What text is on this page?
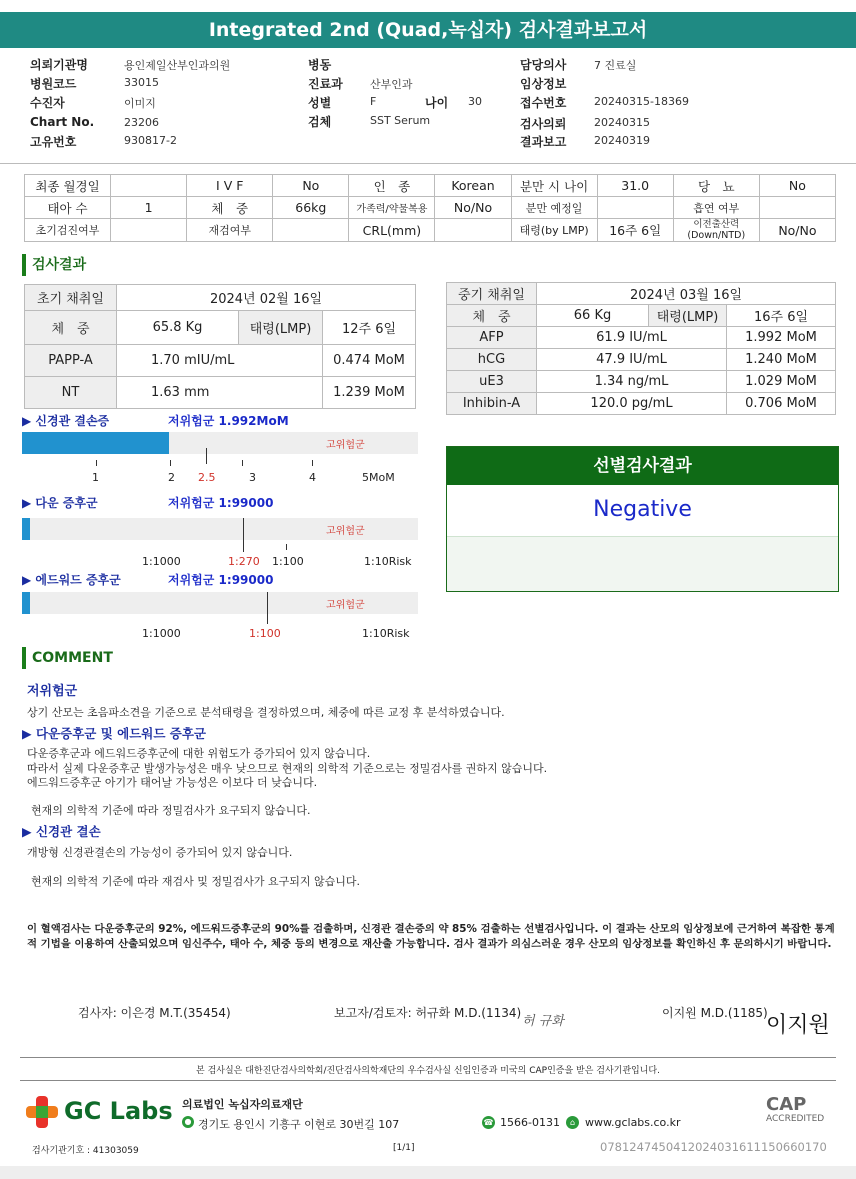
Integrated 2nd (Quad,녹십자) 검사결과보고서
의뢰기관명	용인제일산부인과의원
병원코드	33015
수진자	이미지
Chart No.	23206
고유번호	930817-2
병동
진료과 산부인과
성별	F	나이 30
검체	SST Serum
담당의사	7 진료실
임상정보
접수번호	20240315-18369
검사의뢰	20240315
결과보고	20240319
최종 월경일		I V F	No	인　종	Korean	분만 시 나이	31.0	당　뇨	No
태아 수	1	체　중	66kg	가족력/약물복용	No/No	분만 예정일		흡연 여부	
초기검진여부		재검여부		CRL(mm)		태령(by LMP)	16주 6일	이전출산력(Down/NTD)	No/No
검사결과
초기 채취일	2024년 02월 16일		
체　중	65.8 Kg	태령(LMP)	12주 6일
PAPP-A	1.70 mIU/mL		0.474 MoM
NT	1.63 mm		1.239 MoM
중기 채취일	2024년 03월 16일		
체　중	66 Kg	태령(LMP)	16주 6일
AFP	61.9 IU/mL		1.992 MoM
hCG	47.9 IU/mL		1.240 MoM
uE3	1.34 ng/mL		1.029 MoM
Inhibin-A	120.0 pg/mL		0.706 MoM
▶ 신경관 결손증	저위험군 1.992MoM
고위험군
1	2 2.5	3	4	5MoM
▶ 다운 증후군	저위험군 1:99000
고위험군
1:1000	1:270 1:100	1:10Risk
▶ 에드워드 증후군	저위험군 1:99000
고위험군
1:1000	1:100	1:10Risk
선별검사결과
Negative
COMMENT
저위험군
상기 산모는 초음파소견을 기준으로 분석태령을 결정하였으며, 체중에 따른 교정 후 분석하였습니다.
▶ 다운증후군 및 에드워드 증후군
다운증후군과 에드워드증후군에 대한 위험도가 증가되어 있지 않습니다.
따라서 실제 다운증후군 발생가능성은 매우 낮으므로 현재의 의학적 기준으로는 정밀검사를 권하지 않습니다.
에드워드증후군 아기가 태어날 가능성은 이보다 더 낮습니다.
현재의 의학적 기준에 따라 정밀검사가 요구되지 않습니다.
▶ 신경관 결손
개방형 신경관결손의 가능성이 증가되어 있지 않습니다.
현재의 의학적 기준에 따라 재검사 및 정밀검사가 요구되지 않습니다.
이 혈액검사는 다운증후군의 92%, 에드워드증후군의 90%를 검출하며, 신경관 결손증의 약 85% 검출하는 선별검사입니다. 이 결과는 산모의 임상정보에 근거하여 복잡한 통계
적 기법을 이용하여 산출되었으며 임신주수, 태아 수, 체중 등의 변경으로 재산출 가능합니다. 검사 결과가 의심스러운 경우 산모의 임상정보를 확인하신 후 문의하시기 바랍니다.
검사자: 이은경 M.T.(35454)	보고자/검토자: 허규화 M.D.(1134)
허 규화
이지원 M.D.(1185)
이지원
본 검사실은 대한진단검사의학회/진단검사의학재단의 우수검사실 신임인증과 미국의 CAP인증을 받은 검사기관입니다.
GC Labs 의료법인 녹십자의료재단
● 경기도 용인시 기흥구 이현로 30번길 107	☎ 1566-0131	⌂ www.gclabs.co.kr
CAP
ACCREDITED
검사기관기호 : 41303059	[1/1]	0781247450412024031611150660170
